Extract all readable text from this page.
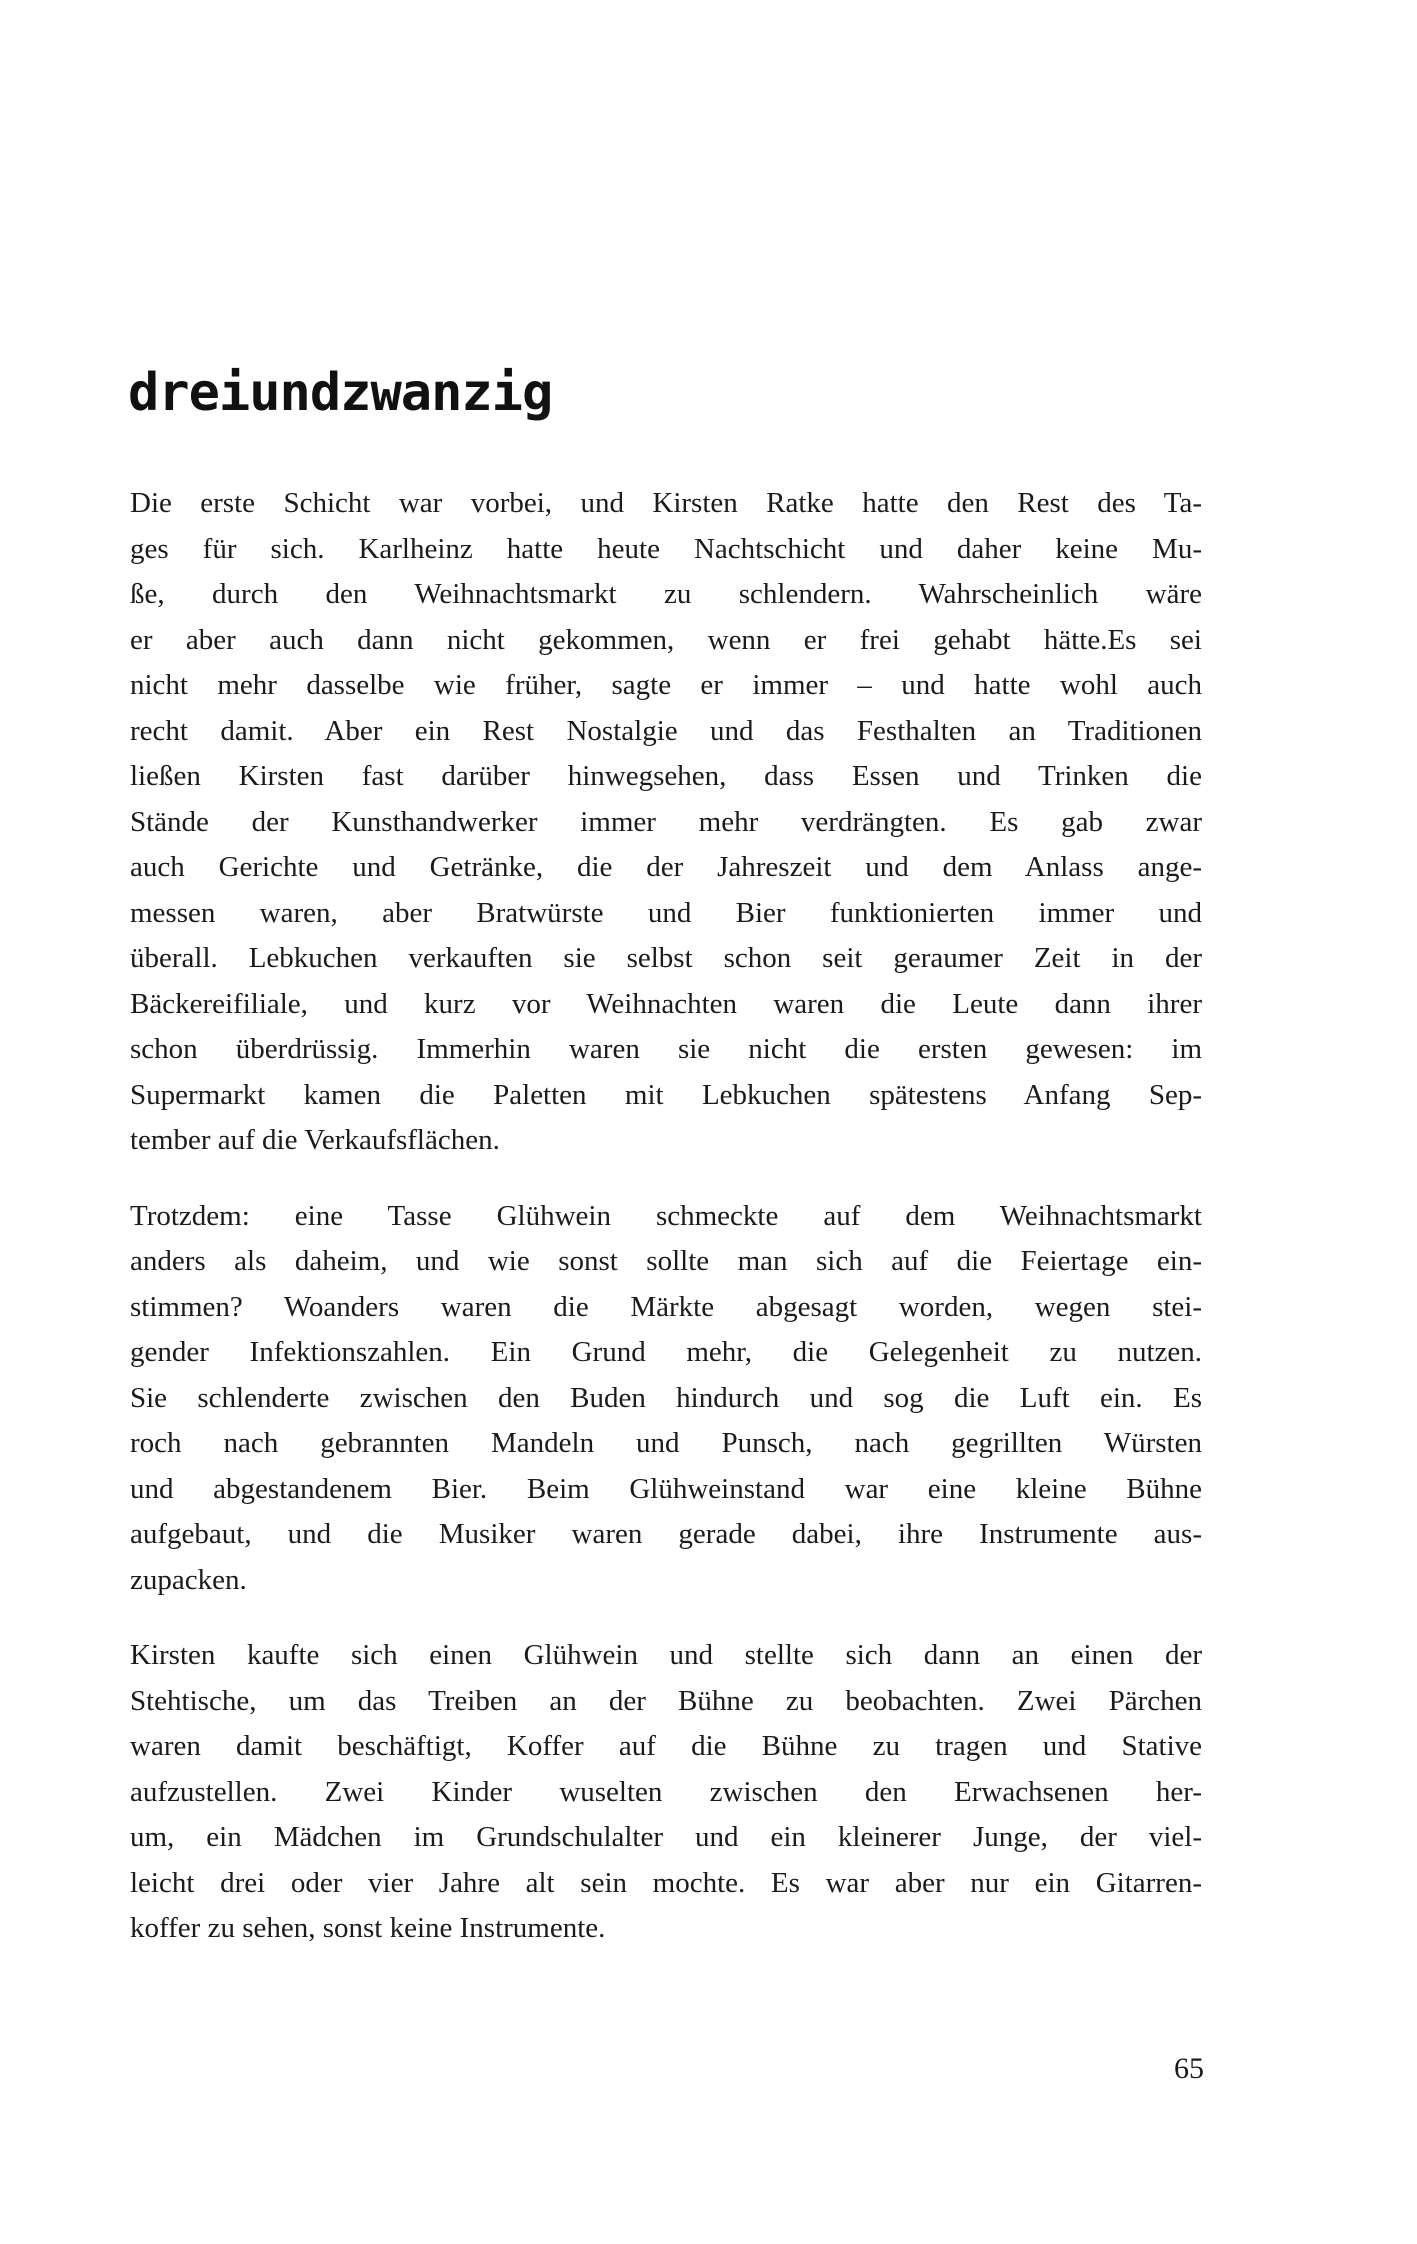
dreiundzwanzig
Die erste Schicht war vorbei, und Kirsten Ratke hatte den Rest des Ta-
ges für sich. Karlheinz hatte heute Nachtschicht und daher keine Mu-
ße, durch den Weihnachtsmarkt zu schlendern. Wahrscheinlich wäre
er aber auch dann nicht gekommen, wenn er frei gehabt hätte.Es sei
nicht mehr dasselbe wie früher, sagte er immer – und hatte wohl auch
recht damit. Aber ein Rest Nostalgie und das Festhalten an Traditionen
ließen Kirsten fast darüber hinwegsehen, dass Essen und Trinken die
Stände der Kunsthandwerker immer mehr verdrängten. Es gab zwar
auch Gerichte und Getränke, die der Jahreszeit und dem Anlass ange-
messen waren, aber Bratwürste und Bier funktionierten immer und
überall. Lebkuchen verkauften sie selbst schon seit geraumer Zeit in der
Bäckereifiliale, und kurz vor Weihnachten waren die Leute dann ihrer
schon überdrüssig. Immerhin waren sie nicht die ersten gewesen: im
Supermarkt kamen die Paletten mit Lebkuchen spätestens Anfang Sep-
tember auf die Verkaufsflächen.
Trotzdem: eine Tasse Glühwein schmeckte auf dem Weihnachtsmarkt
anders als daheim, und wie sonst sollte man sich auf die Feiertage ein-
stimmen? Woanders waren die Märkte abgesagt worden, wegen stei-
gender Infektionszahlen. Ein Grund mehr, die Gelegenheit zu nutzen.
Sie schlenderte zwischen den Buden hindurch und sog die Luft ein. Es
roch nach gebrannten Mandeln und Punsch, nach gegrillten Würsten
und abgestandenem Bier. Beim Glühweinstand war eine kleine Bühne
aufgebaut, und die Musiker waren gerade dabei, ihre Instrumente aus-
zupacken.
Kirsten kaufte sich einen Glühwein und stellte sich dann an einen der
Stehtische, um das Treiben an der Bühne zu beobachten. Zwei Pärchen
waren damit beschäftigt, Koffer auf die Bühne zu tragen und Stative
aufzustellen. Zwei Kinder wuselten zwischen den Erwachsenen her-
um, ein Mädchen im Grundschulalter und ein kleinerer Junge, der viel-
leicht drei oder vier Jahre alt sein mochte. Es war aber nur ein Gitarren-
koffer zu sehen, sonst keine Instrumente.
65
